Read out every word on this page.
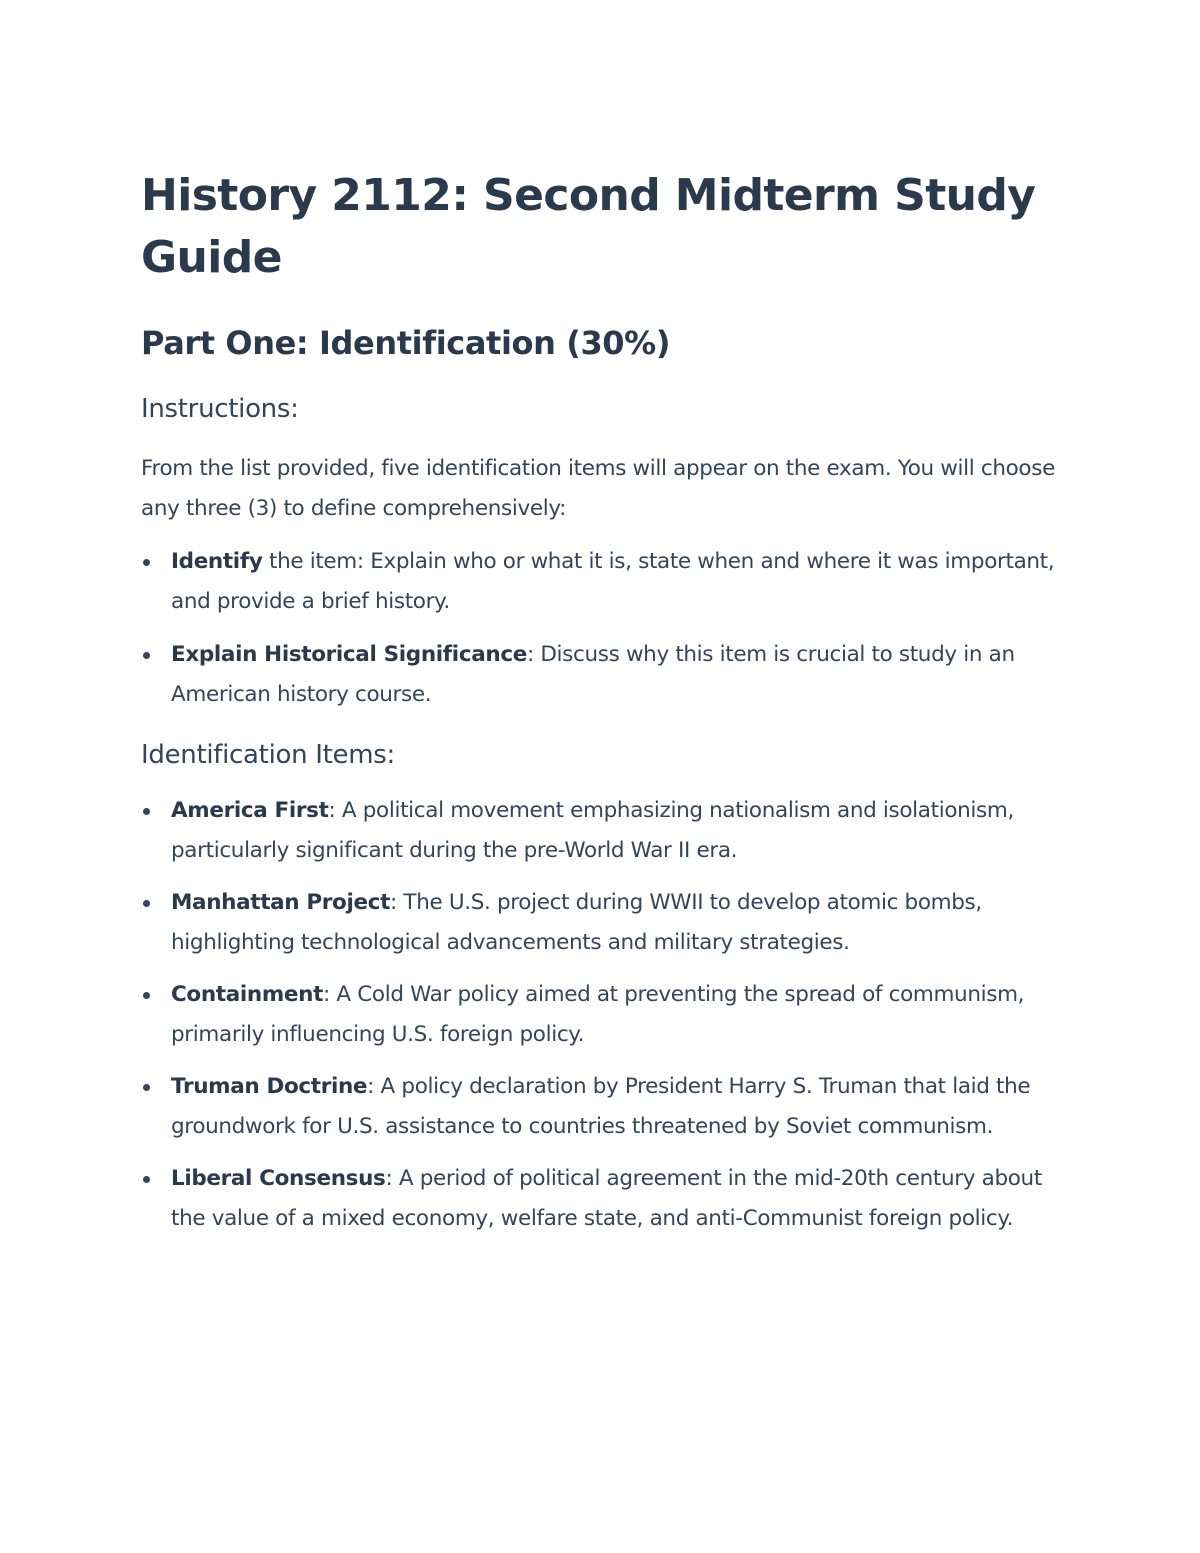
History 2112: Second Midterm Study Guide
Part One: Identification (30%)
Instructions:

From the list provided, five identification items will appear on the exam. You will choose any three (3) to define comprehensively:

Identify the item: Explain who or what it is, state when and where it was important, and provide a brief history.
Explain Historical Significance: Discuss why this item is crucial to study in an American history course.
Identification Items:
America First: A political movement emphasizing nationalism and isolationism, particularly significant during the pre-World War II era.
Manhattan Project: The U.S. project during WWII to develop atomic bombs, highlighting technological advancements and military strategies.
Containment: A Cold War policy aimed at preventing the spread of communism, primarily influencing U.S. foreign policy.
Truman Doctrine: A policy declaration by President Harry S. Truman that laid the groundwork for U.S. assistance to countries threatened by Soviet communism.
Liberal Consensus: A period of political agreement in the mid-20th century about the value of a mixed economy, welfare state, and anti-Communist foreign policy.
